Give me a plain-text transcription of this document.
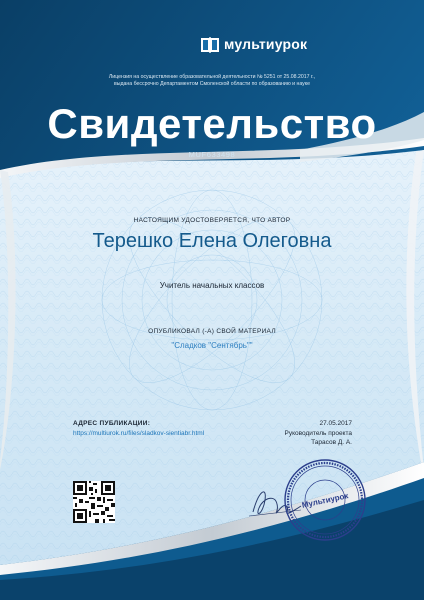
мультиурок

Лицензия на осуществление образовательной деятельности № 5251 от 25.08.2017 г.,
выдана бессрочно Департаментом Смоленской области по образованию и науке

Свидетельство

MUF633498

НАСТОЯЩИМ УДОСТОВЕРЯЕТСЯ, ЧТО АВТОР

Терешко Елена Олеговна

Учитель начальных классов

ОПУБЛИКОВАЛ (-А) СВОЙ МАТЕРИАЛ

"Сладков "Сентябрь""

АДРЕС ПУБЛИКАЦИИ:
https://multiurok.ru/files/sladkov-sientiabr.html
27.05.2017
Руководитель проекта
Тарасов Д. А.
Мультиурок
